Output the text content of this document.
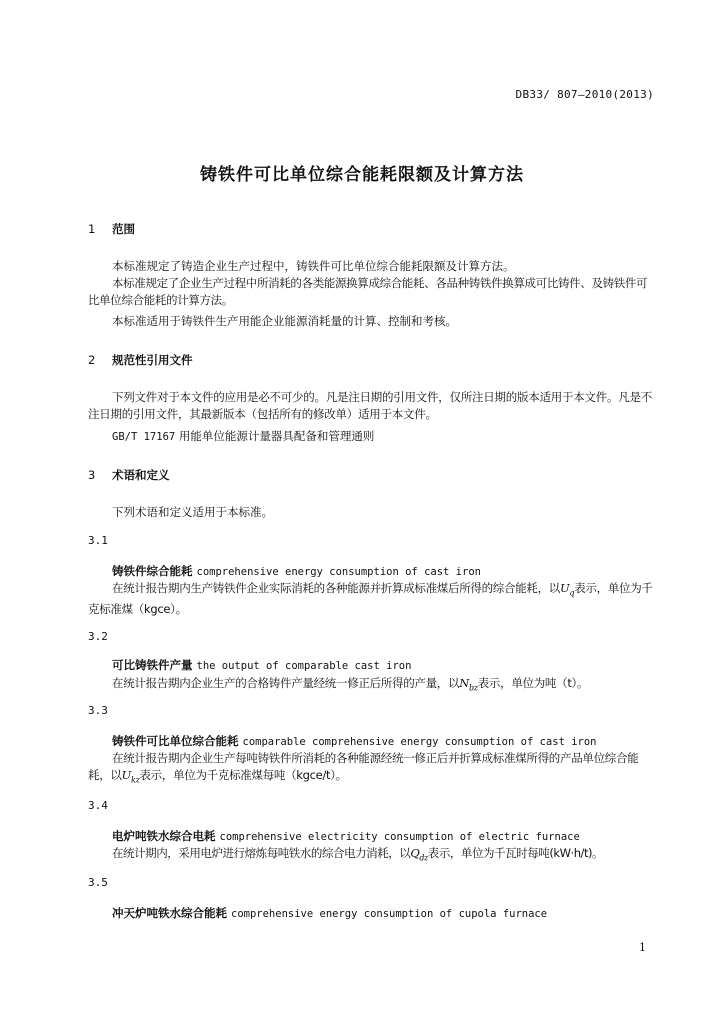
DB33/ 807—2010(2013)
铸铁件可比单位综合能耗限额及计算方法
1 范围
本标准规定了铸造企业生产过程中，铸铁件可比单位综合能耗限额及计算方法。
本标准规定了企业生产过程中所消耗的各类能源换算成综合能耗、各品种铸铁件换算成可比铸件、及铸铁件可比单位综合能耗的计算方法。
本标准适用于铸铁件生产用能企业能源消耗量的计算、控制和考核。
2 规范性引用文件
下列文件对于本文件的应用是必不可少的。凡是注日期的引用文件，仅所注日期的版本适用于本文件。凡是不注日期的引用文件，其最新版本（包括所有的修改单）适用于本文件。
GB/T 17167 用能单位能源计量器具配备和管理通则
3 术语和定义
下列术语和定义适用于本标准。
3.1
铸铁件综合能耗 comprehensive energy consumption of cast iron
在统计报告期内生产铸铁件企业实际消耗的各种能源并折算成标准煤后所得的综合能耗，以$U_q$表示，单位为千克标准煤（kgce）。
3.2
可比铸铁件产量 the output of comparable cast iron
在统计报告期内企业生产的合格铸件产量经统一修正后所得的产量，以$N_{bz}$表示，单位为吨（t）。
3.3
铸铁件可比单位综合能耗 comparable comprehensive energy consumption of cast iron
在统计报告期内企业生产每吨铸铁件所消耗的各种能源经统一修正后并折算成标准煤所得的产品单位综合能耗，以$U_{kz}$表示，单位为千克标准煤每吨（kgce/t）。
3.4
电炉吨铁水综合电耗 comprehensive electricity consumption of electric furnace
在统计期内，采用电炉进行熔炼每吨铁水的综合电力消耗，以$Q_{dz}$表示，单位为千瓦时每吨(kW·h/t)。
3.5
冲天炉吨铁水综合能耗 comprehensive energy consumption of cupola furnace
1
